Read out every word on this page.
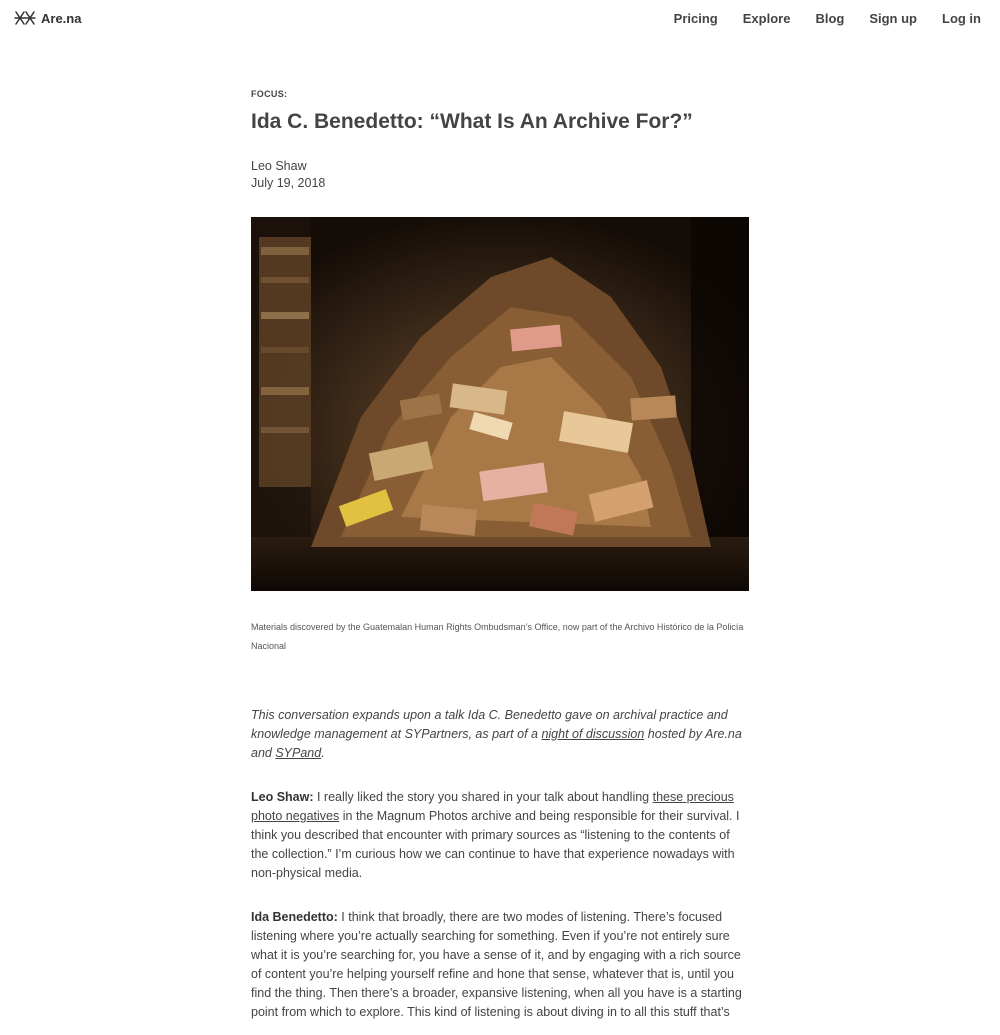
Are.na	Pricing Explore Blog Sign up Log in

FOCUS:

Ida C. Benedetto: “What Is An Archive For?”
Leo Shaw
July 19, 2018
Materials discovered by the Guatemalan Human Rights Ombudsman’s Office, now part of the Archivo Histórico de la Policía Nacional

This conversation expands upon a talk Ida C. Benedetto gave on archival practice and knowledge management at SYPartners, as part of a night of discussion hosted by Are.na and SYPand.

Leo Shaw: I really liked the story you shared in your talk about handling these precious photo negatives in the Magnum Photos archive and being responsible for their survival. I think you described that encounter with primary sources as “listening to the contents of the collection.” I’m curious how we can continue to have that experience nowadays with non-physical media.

Ida Benedetto: I think that broadly, there are two modes of listening. There’s focused listening where you’re actually searching for something. Even if you’re not entirely sure what it is you’re searching for, you have a sense of it, and by engaging with a rich source of content you’re helping yourself refine and hone that sense, whatever that is, until you find the thing. Then there’s a broader, expansive listening, when all you have is a starting point from which to explore. This kind of listening is about diving in to all this stuff that’s
